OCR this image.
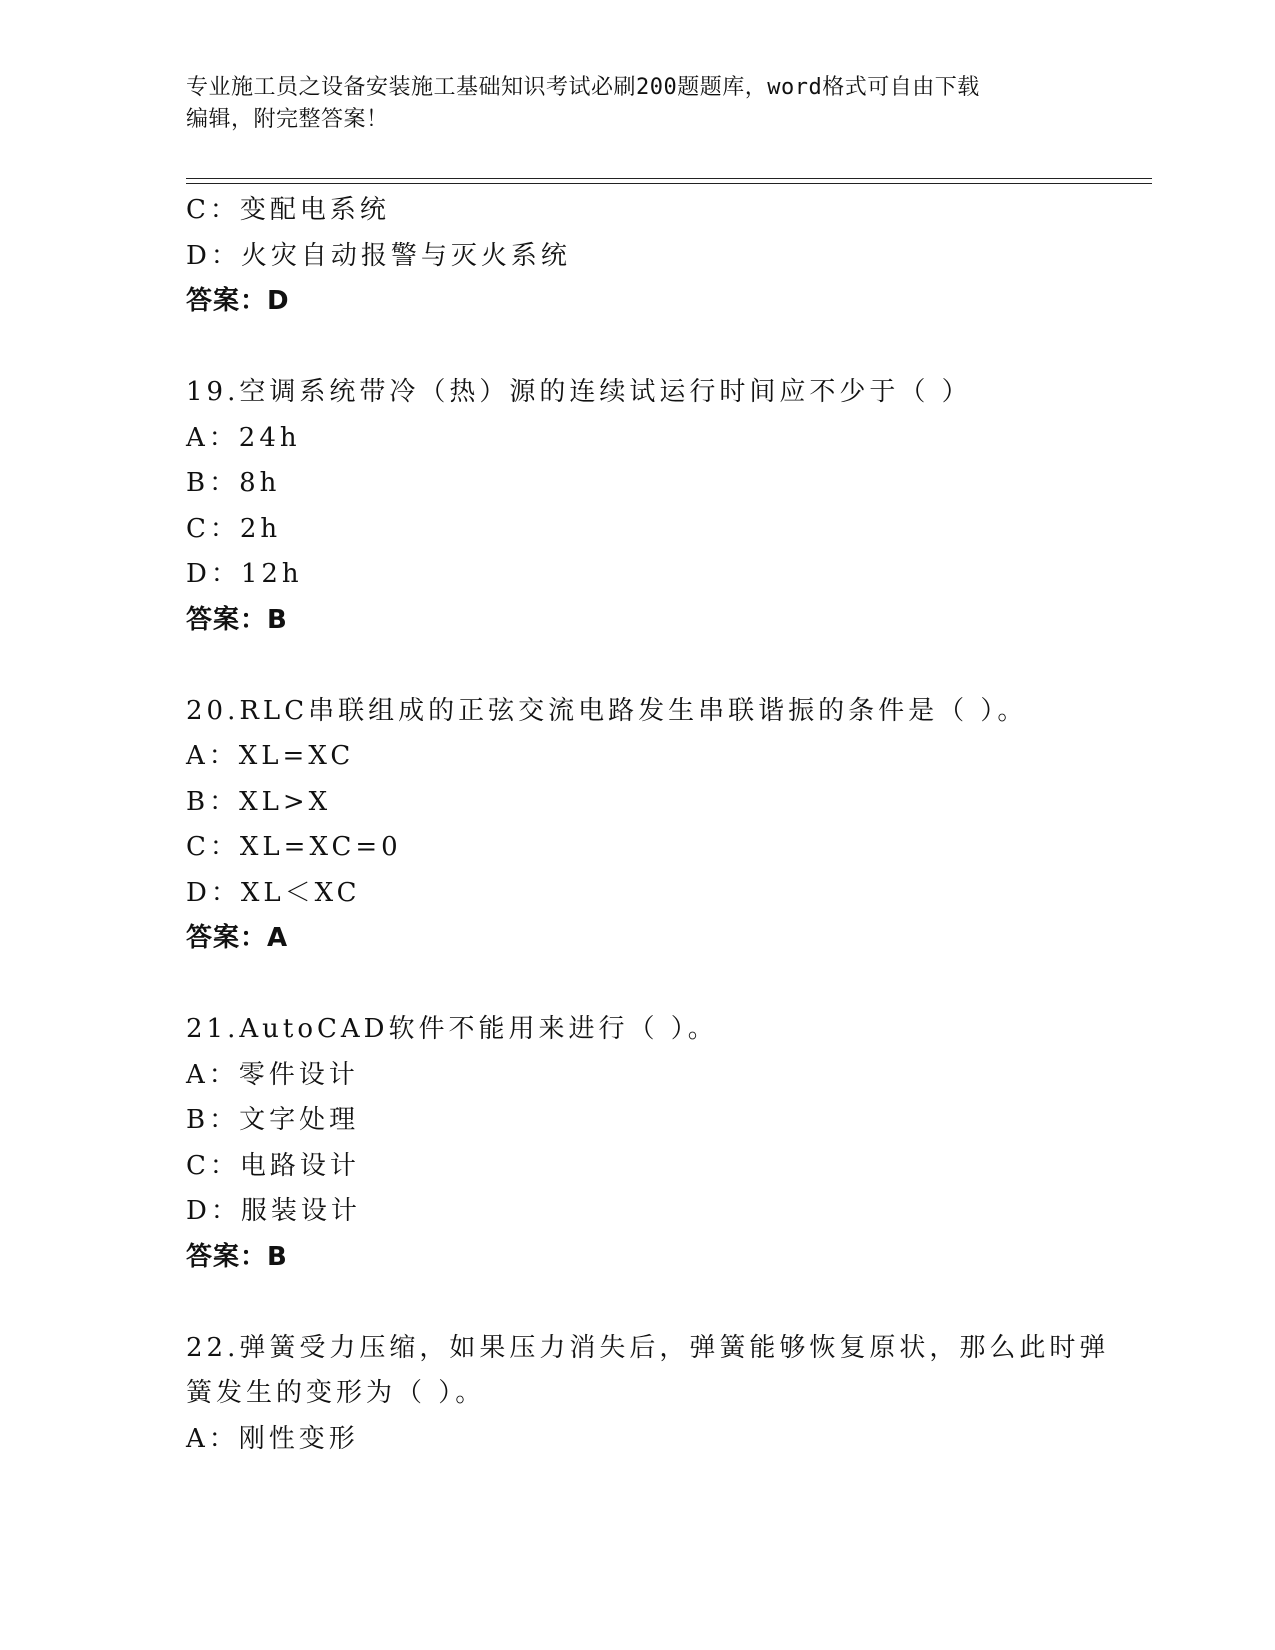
专业施工员之设备安装施工基础知识考试必刷200题题库，word格式可自由下载
编辑，附完整答案！
C：变配电系统
D：火灾自动报警与灭火系统
答案：D
19.空调系统带冷（热）源的连续试运行时间应不少于（ ）
A：24h
B：8h
C：2h
D：12h
答案：B
20.RLC串联组成的正弦交流电路发生串联谐振的条件是（ ）。
A：XL=XC
B：XL>X
C：XL=XC=0
D：XL＜XC
答案：A
21.AutoCAD软件不能用来进行（ ）。
A：零件设计
B：文字处理
C：电路设计
D：服装设计
答案：B
22.弹簧受力压缩，如果压力消失后，弹簧能够恢复原状，那么此时弹
簧发生的变形为（ ）。
A：刚性变形
